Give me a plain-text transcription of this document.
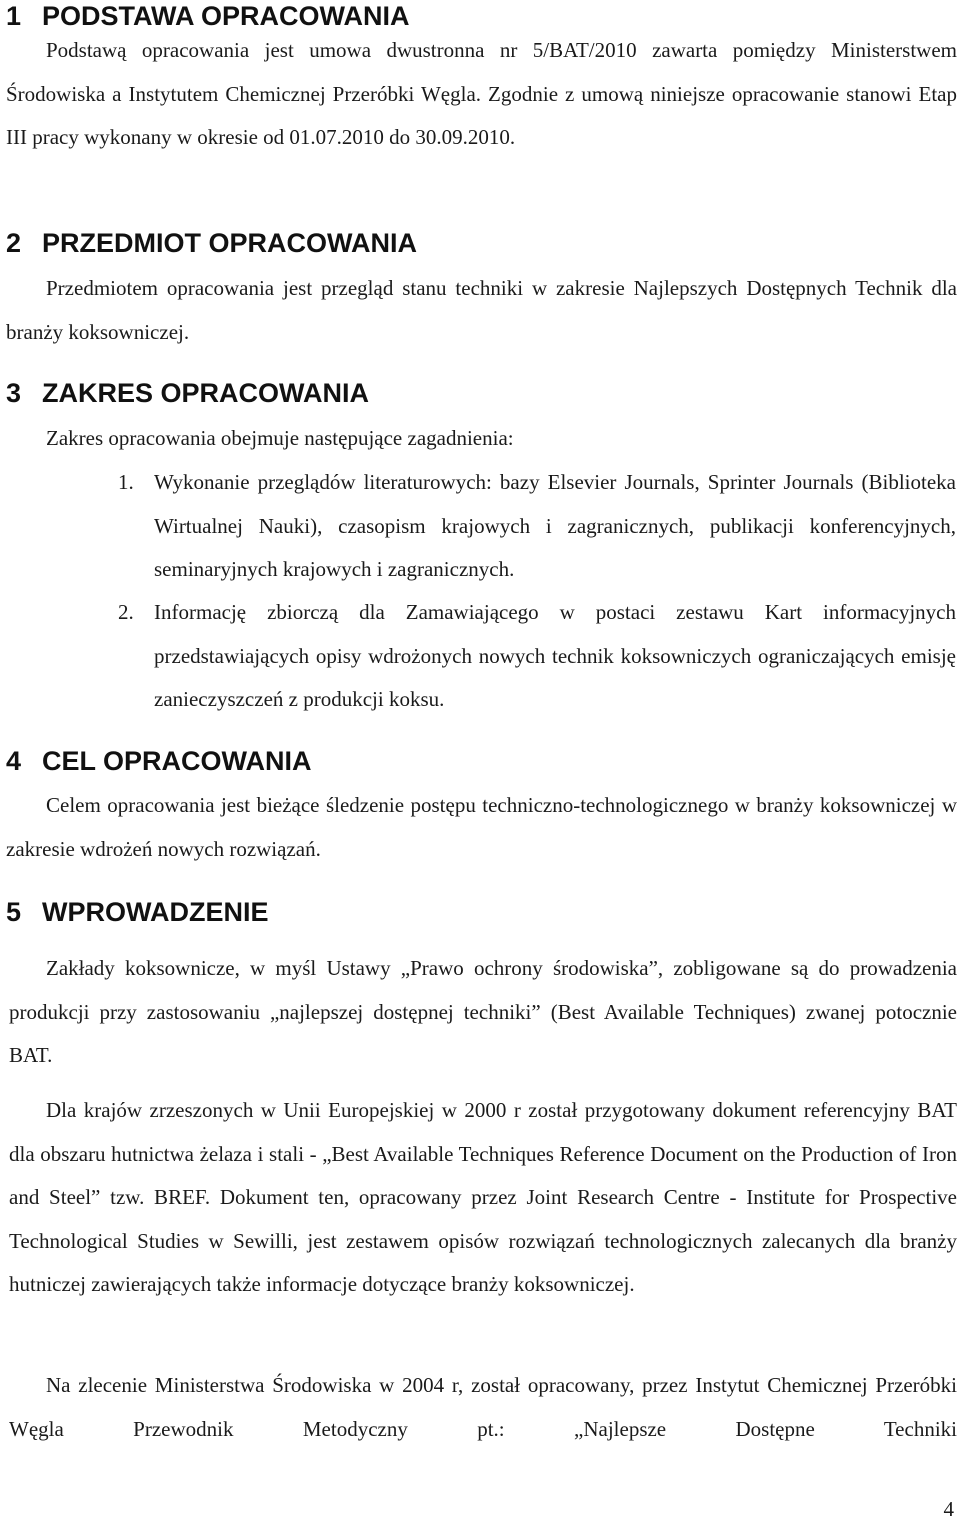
1 PODSTAWA OPRACOWANIA
Podstawą opracowania jest umowa dwustronna nr 5/BAT/2010 zawarta pomiędzy Ministerstwem Środowiska a Instytutem Chemicznej Przeróbki Węgla. Zgodnie z umową niniejsze opracowanie stanowi Etap III pracy wykonany w okresie od 01.07.2010 do 30.09.2010.
2 PRZEDMIOT OPRACOWANIA
Przedmiotem opracowania jest przegląd stanu techniki w zakresie Najlepszych Dostępnych Technik dla branży koksowniczej.
3 ZAKRES OPRACOWANIA
Zakres opracowania obejmuje następujące zagadnienia:
1. Wykonanie przeglądów literaturowych: bazy Elsevier Journals, Sprinter Journals (Biblioteka Wirtualnej Nauki), czasopism krajowych i zagranicznych, publikacji konferencyjnych, seminaryjnych krajowych i zagranicznych.
2. Informację zbiorczą dla Zamawiającego w postaci zestawu Kart informacyjnych przedstawiających opisy wdrożonych nowych technik koksowniczych ograniczających emisję zanieczyszczeń z produkcji koksu.
4 CEL OPRACOWANIA
Celem opracowania jest bieżące śledzenie postępu techniczno-technologicznego w branży koksowniczej w zakresie wdrożeń nowych rozwiązań.
5 WPROWADZENIE
Zakłady koksownicze, w myśl Ustawy „Prawo ochrony środowiska”, zobligowane są do prowadzenia produkcji przy zastosowaniu „najlepszej dostępnej techniki” (Best Available Techniques) zwanej potocznie BAT.
Dla krajów zrzeszonych w Unii Europejskiej w 2000 r został przygotowany dokument referencyjny BAT dla obszaru hutnictwa żelaza i stali - „Best Available Techniques Reference Document on the Production of Iron and Steel” tzw. BREF. Dokument ten, opracowany przez Joint Research Centre - Institute for Prospective Technological Studies w Sewilli, jest zestawem opisów rozwiązań technologicznych zalecanych dla branży hutniczej zawierających także informacje dotyczące branży koksowniczej.
Na zlecenie Ministerstwa Środowiska w 2004 r, został opracowany, przez Instytut Chemicznej Przeróbki Węgla Przewodnik Metodyczny pt.: „Najlepsze Dostępne Techniki
4
